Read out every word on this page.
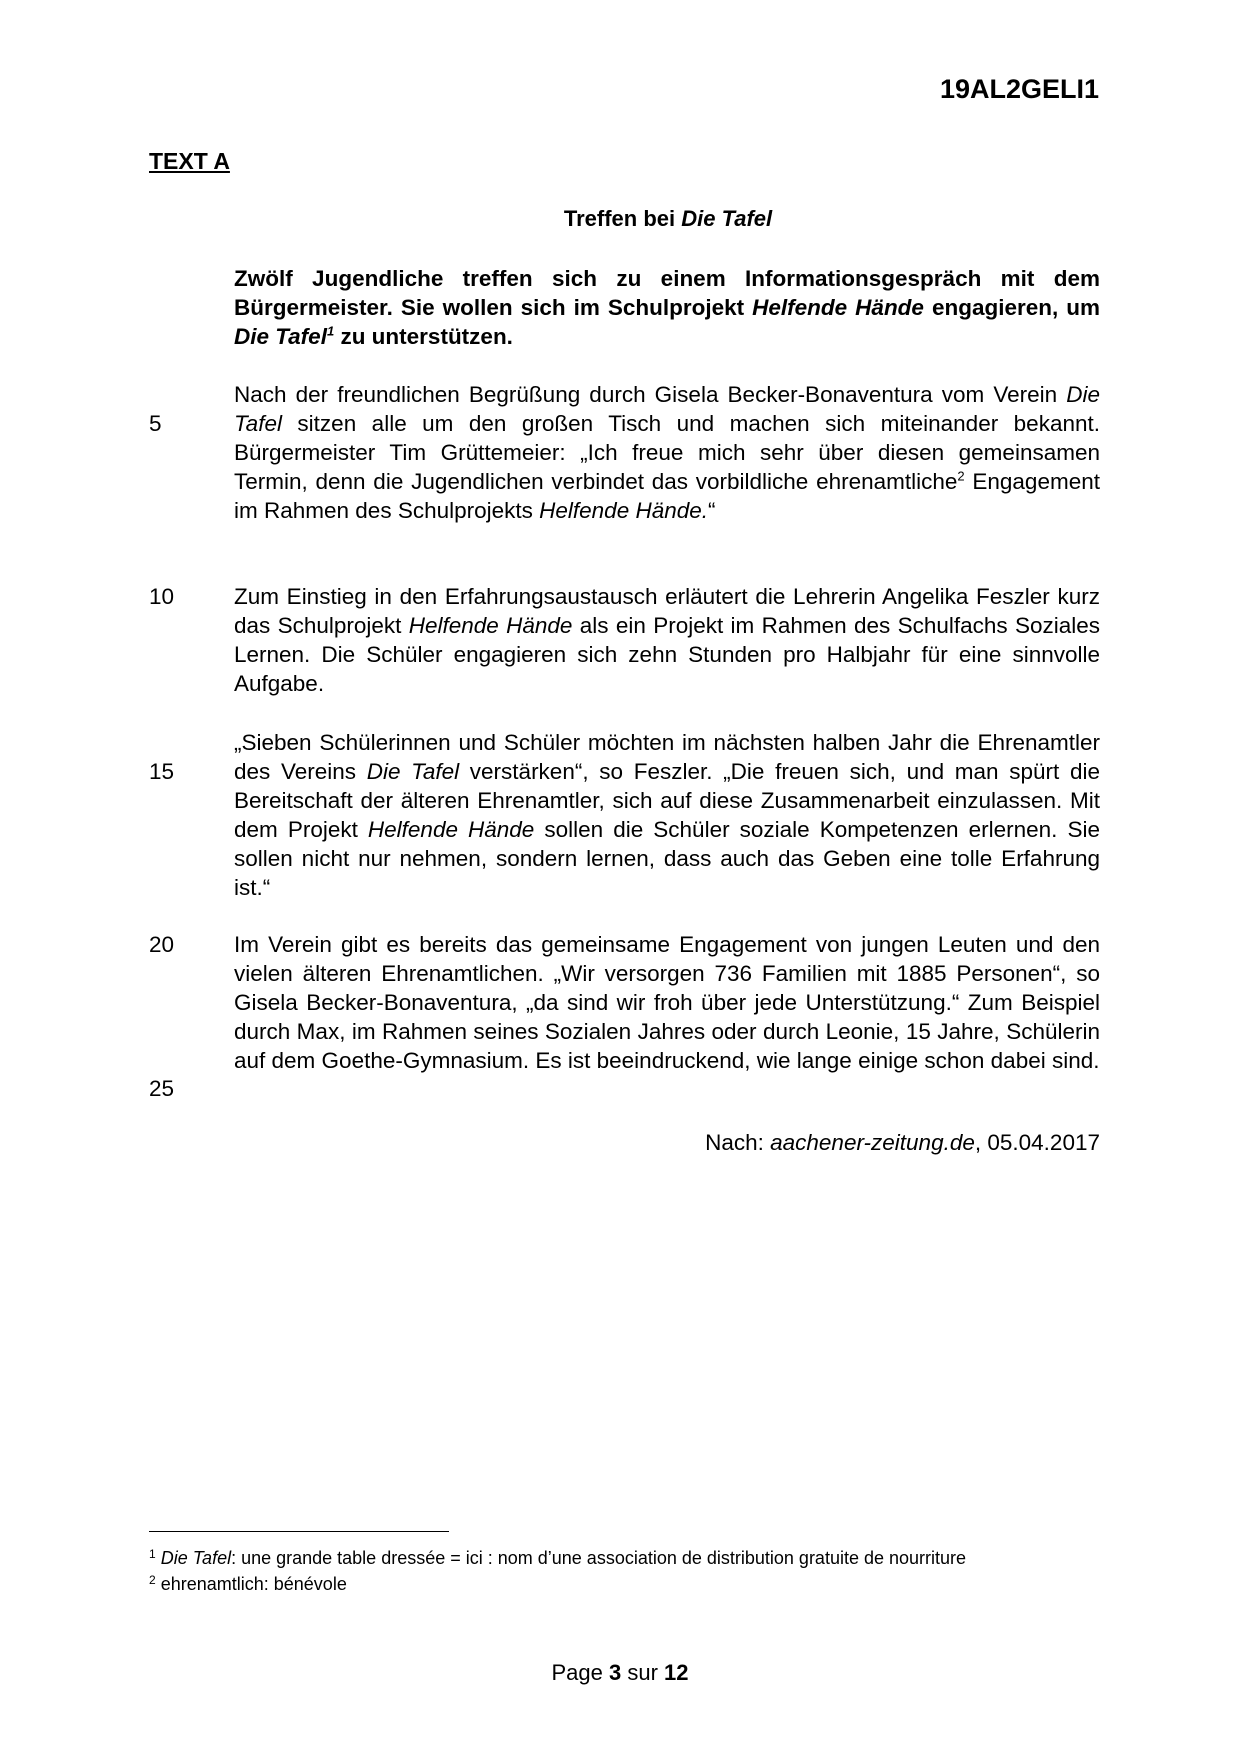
19AL2GELI1
TEXT A
Treffen bei Die Tafel

Zwölf Jugendliche treffen sich zu einem Informationsgespräch mit dem Bürgermeister. Sie wollen sich im Schulprojekt Helfende Hände engagieren, um Die Tafel$^1$ zu unterstützen.

Nach der freundlichen Begrüßung durch Gisela Becker-Bonaventura vom Verein Die Tafel sitzen alle um den großen Tisch und machen sich miteinander bekannt. Bürgermeister Tim Grüttemeier: „Ich freue mich sehr über diesen gemeinsamen Termin, denn die Jugendlichen verbindet das vorbildliche ehrenamtliche$^2$ Engagement im Rahmen des Schulprojekts Helfende Hände.“

Zum Einstieg in den Erfahrungsaustausch erläutert die Lehrerin Angelika Feszler kurz das Schulprojekt Helfende Hände als ein Projekt im Rahmen des Schulfachs Soziales Lernen. Die Schüler engagieren sich zehn Stunden pro Halbjahr für eine sinnvolle Aufgabe.

„Sieben Schülerinnen und Schüler möchten im nächsten halben Jahr die Ehrenamtler des Vereins Die Tafel verstärken“, so Feszler. „Die freuen sich, und man spürt die Bereitschaft der älteren Ehrenamtler, sich auf diese Zusammenarbeit einzulassen. Mit dem Projekt Helfende Hände sollen die Schüler soziale Kompetenzen erlernen. Sie sollen nicht nur nehmen, sondern lernen, dass auch das Geben eine tolle Erfahrung ist.“

Im Verein gibt es bereits das gemeinsame Engagement von jungen Leuten und den vielen älteren Ehrenamtlichen. „Wir versorgen 736 Familien mit 1885 Personen“, so Gisela Becker-Bonaventura, „da sind wir froh über jede Unterstützung.“ Zum Beispiel durch Max, im Rahmen seines Sozialen Jahres oder durch Leonie, 15 Jahre, Schülerin auf dem Goethe-Gymnasium. Es ist beeindruckend, wie lange einige schon dabei sind.

5
10
15
20
25
Nach: aachener-zeitung.de, 05.04.2017

$^1$ Die Tafel: une grande table dressée = ici : nom d’une association de distribution gratuite de nourriture

$^2$ ehrenamtlich: bénévole

Page 3 sur 12
